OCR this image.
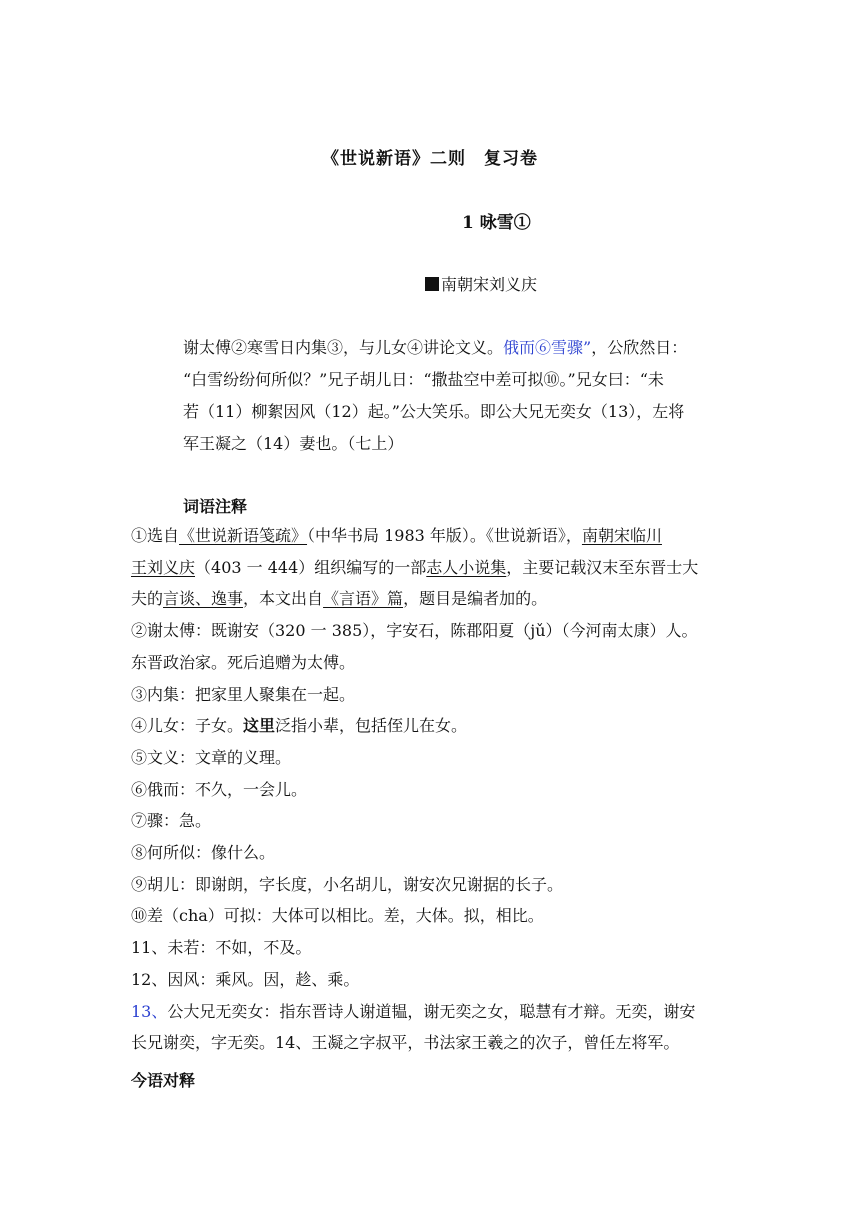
《世说新语》二则　复习卷
1 咏雪①
南朝宋刘义庆
谢太傅②寒雪日内集③，与儿女④讲论文义。俄而⑥雪骤”，公欣然日：
“白雪纷纷何所似？”兄子胡儿日：“撒盐空中差可拟⑩。”兄女曰：“未
若（11）柳絮因风（12）起。”公大笑乐。即公大兄无奕女（13），左将
军王凝之（14）妻也。（七上）
词语注释
①选自《世说新语笺疏》（中华书局 1983 年版）。《世说新语》，南朝宋临川
王刘义庆（403 一 444）组织编写的一部志人小说集，主要记载汉末至东晋士大
夫的言谈、逸事，本文出自《言语》篇，题目是编者加的。
②谢太傅：既谢安（320 一 385），字安石，陈郡阳夏（jǔ）（今河南太康）人。
东晋政治家。死后追赠为太傅。
③内集：把家里人聚集在一起。
④儿女：子女。这里泛指小辈，包括侄儿在女。
⑤文义：文章的义理。
⑥俄而：不久，一会儿。
⑦骤：急。
⑧何所似：像什么。
⑨胡儿：即谢朗，字长度，小名胡儿，谢安次兄谢据的长子。
⑩差（cha）可拟：大体可以相比。差，大体。拟，相比。
11、未若：不如，不及。
12、因风：乘风。因，趁、乘。
13、公大兄无奕女：指东晋诗人谢道韫，谢无奕之女，聪慧有才辩。无奕，谢安
长兄谢奕，字无奕。14、王凝之字叔平，书法家王羲之的次子，曾任左将军。
今语对释
